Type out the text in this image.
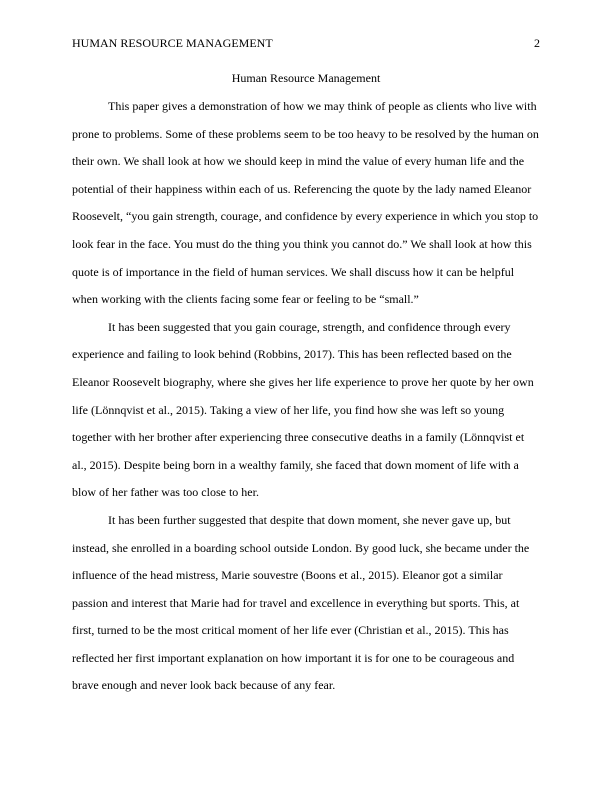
HUMAN RESOURCE MANAGEMENT	2
Human Resource Management

This paper gives a demonstration of how we may think of people as clients who live with prone to problems. Some of these problems seem to be too heavy to be resolved by the human on their own. We shall look at how we should keep in mind the value of every human life and the potential of their happiness within each of us. Referencing the quote by the lady named Eleanor Roosevelt, “you gain strength, courage, and confidence by every experience in which you stop to look fear in the face. You must do the thing you think you cannot do.” We shall look at how this quote is of importance in the field of human services. We shall discuss how it can be helpful when working with the clients facing some fear or feeling to be “small.”

It has been suggested that you gain courage, strength, and confidence through every experience and failing to look behind (Robbins, 2017). This has been reflected based on the Eleanor Roosevelt biography, where she gives her life experience to prove her quote by her own life (Lönnqvist et al., 2015). Taking a view of her life, you find how she was left so young together with her brother after experiencing three consecutive deaths in a family (Lönnqvist et al., 2015). Despite being born in a wealthy family, she faced that down moment of life with a blow of her father was too close to her.

It has been further suggested that despite that down moment, she never gave up, but instead, she enrolled in a boarding school outside London. By good luck, she became under the influence of the head mistress, Marie souvestre (Boons et al., 2015). Eleanor got a similar passion and interest that Marie had for travel and excellence in everything but sports. This, at first, turned to be the most critical moment of her life ever (Christian et al., 2015). This has reflected her first important explanation on how important it is for one to be courageous and brave enough and never look back because of any fear.
